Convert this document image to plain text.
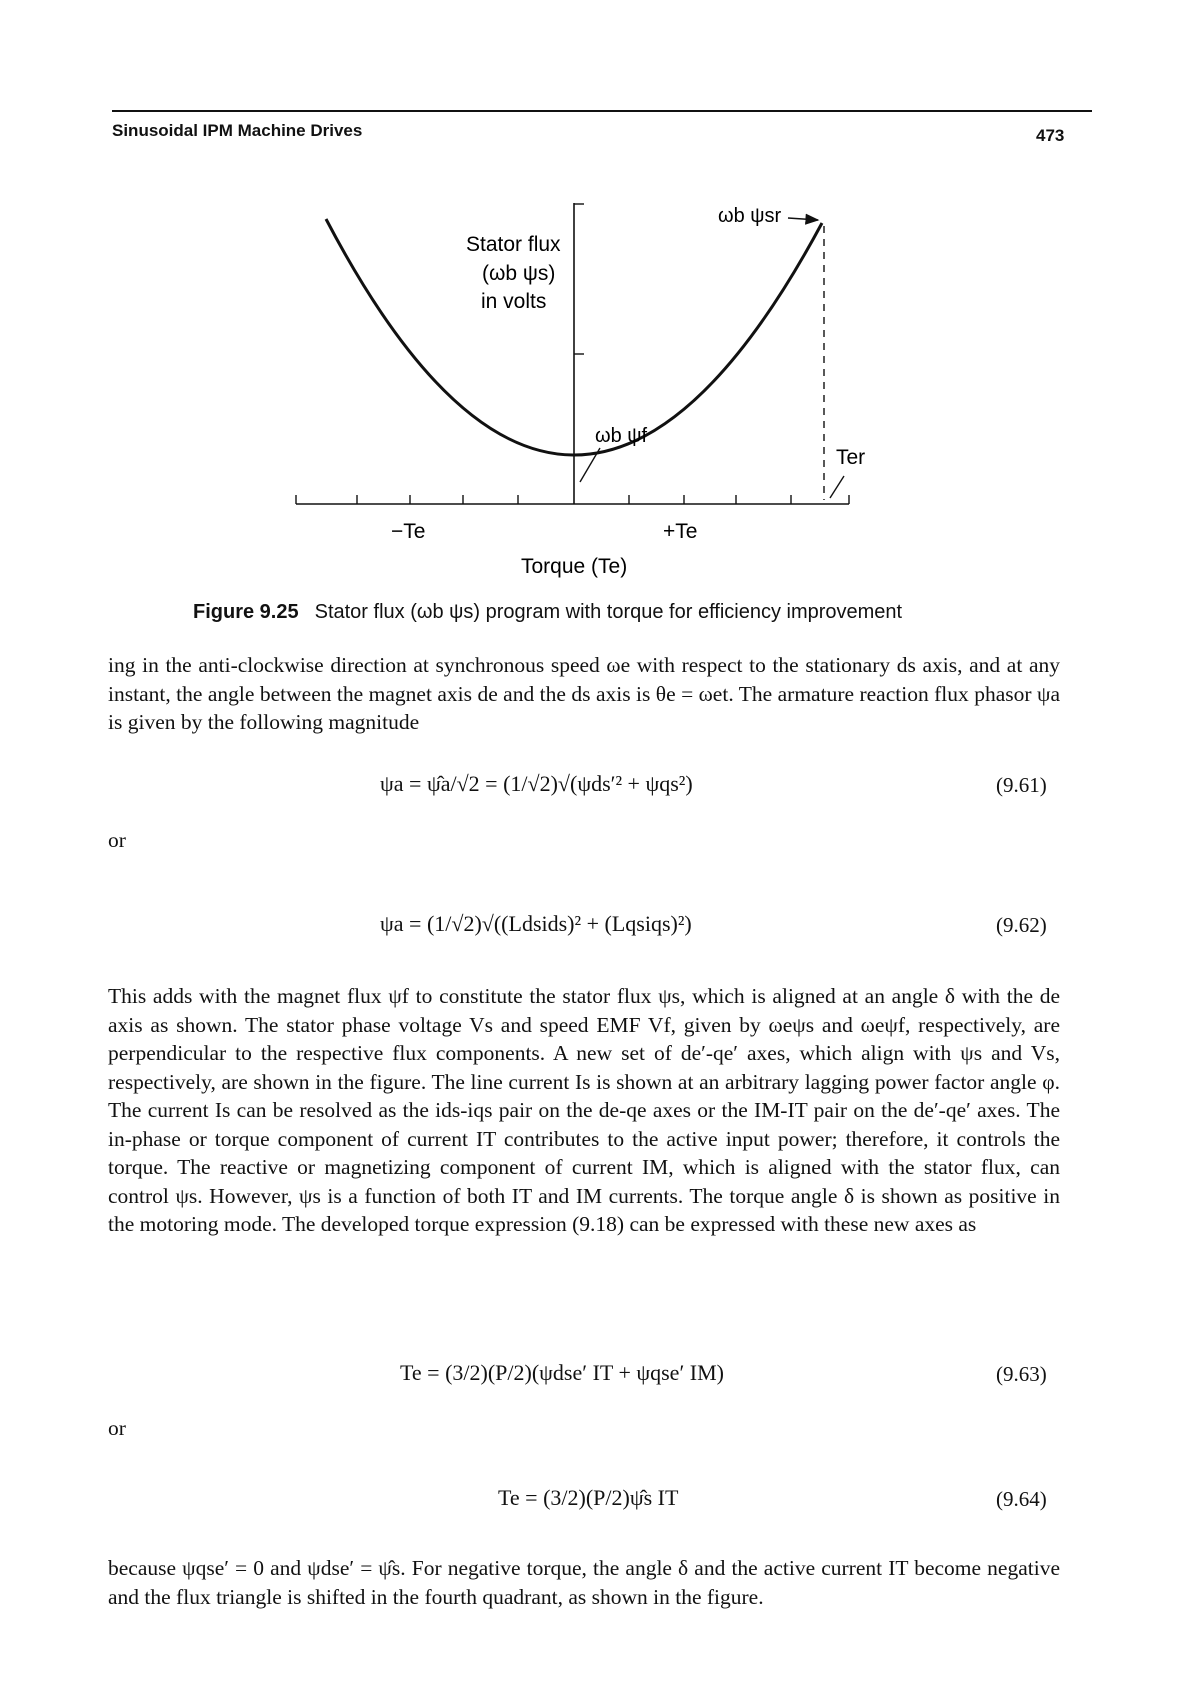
Sinusoidal IPM Machine Drives	473
Stator flux
(ωb ψs)
in volts
ωb ψsr
ωb ψf
Ter
−Te	+Te
Torque (Te)
Figure 9.25 Stator flux (ωb ψs) program with torque for efficiency improvement

ing in the anti-clockwise direction at synchronous speed ωe with respect to the stationary ds axis, and at any instant, the angle between the magnet axis de and the ds axis is θe = ωet. The armature reaction flux phasor ψa is given by the following magnitude

ψa = ψ̂a/√2 = (1/√2)√(ψds′² + ψqs²)	(9.61)
or
ψa = (1/√2)√((Ldsids)² + (Lqsiqs)²)	(9.62)

This adds with the magnet flux ψf to constitute the stator flux ψs, which is aligned at an angle δ with the de axis as shown. The stator phase voltage Vs and speed EMF Vf, given by ωeψs and ωeψf, respectively, are perpendicular to the respective flux components. A new set of de′-qe′ axes, which align with ψs and Vs, respectively, are shown in the figure. The line current Is is shown at an arbitrary lagging power factor angle φ. The current Is can be resolved as the ids-iqs pair on the de-qe axes or the IM-IT pair on the de′-qe′ axes. The in-phase or torque component of current IT contributes to the active input power; therefore, it controls the torque. The reactive or magnetizing component of current IM, which is aligned with the stator flux, can control ψs. However, ψs is a function of both IT and IM currents. The torque angle δ is shown as positive in the motoring mode. The developed torque expression (9.18) can be expressed with these new axes as

Te = (3/2)(P/2)(ψdse′ IT + ψqse′ IM)	(9.63)
or
Te = (3/2)(P/2)ψ̂s IT	(9.64)

because ψqse′ = 0 and ψdse′ = ψ̂s. For negative torque, the angle δ and the active current IT become negative and the flux triangle is shifted in the fourth quadrant, as shown in the figure.
